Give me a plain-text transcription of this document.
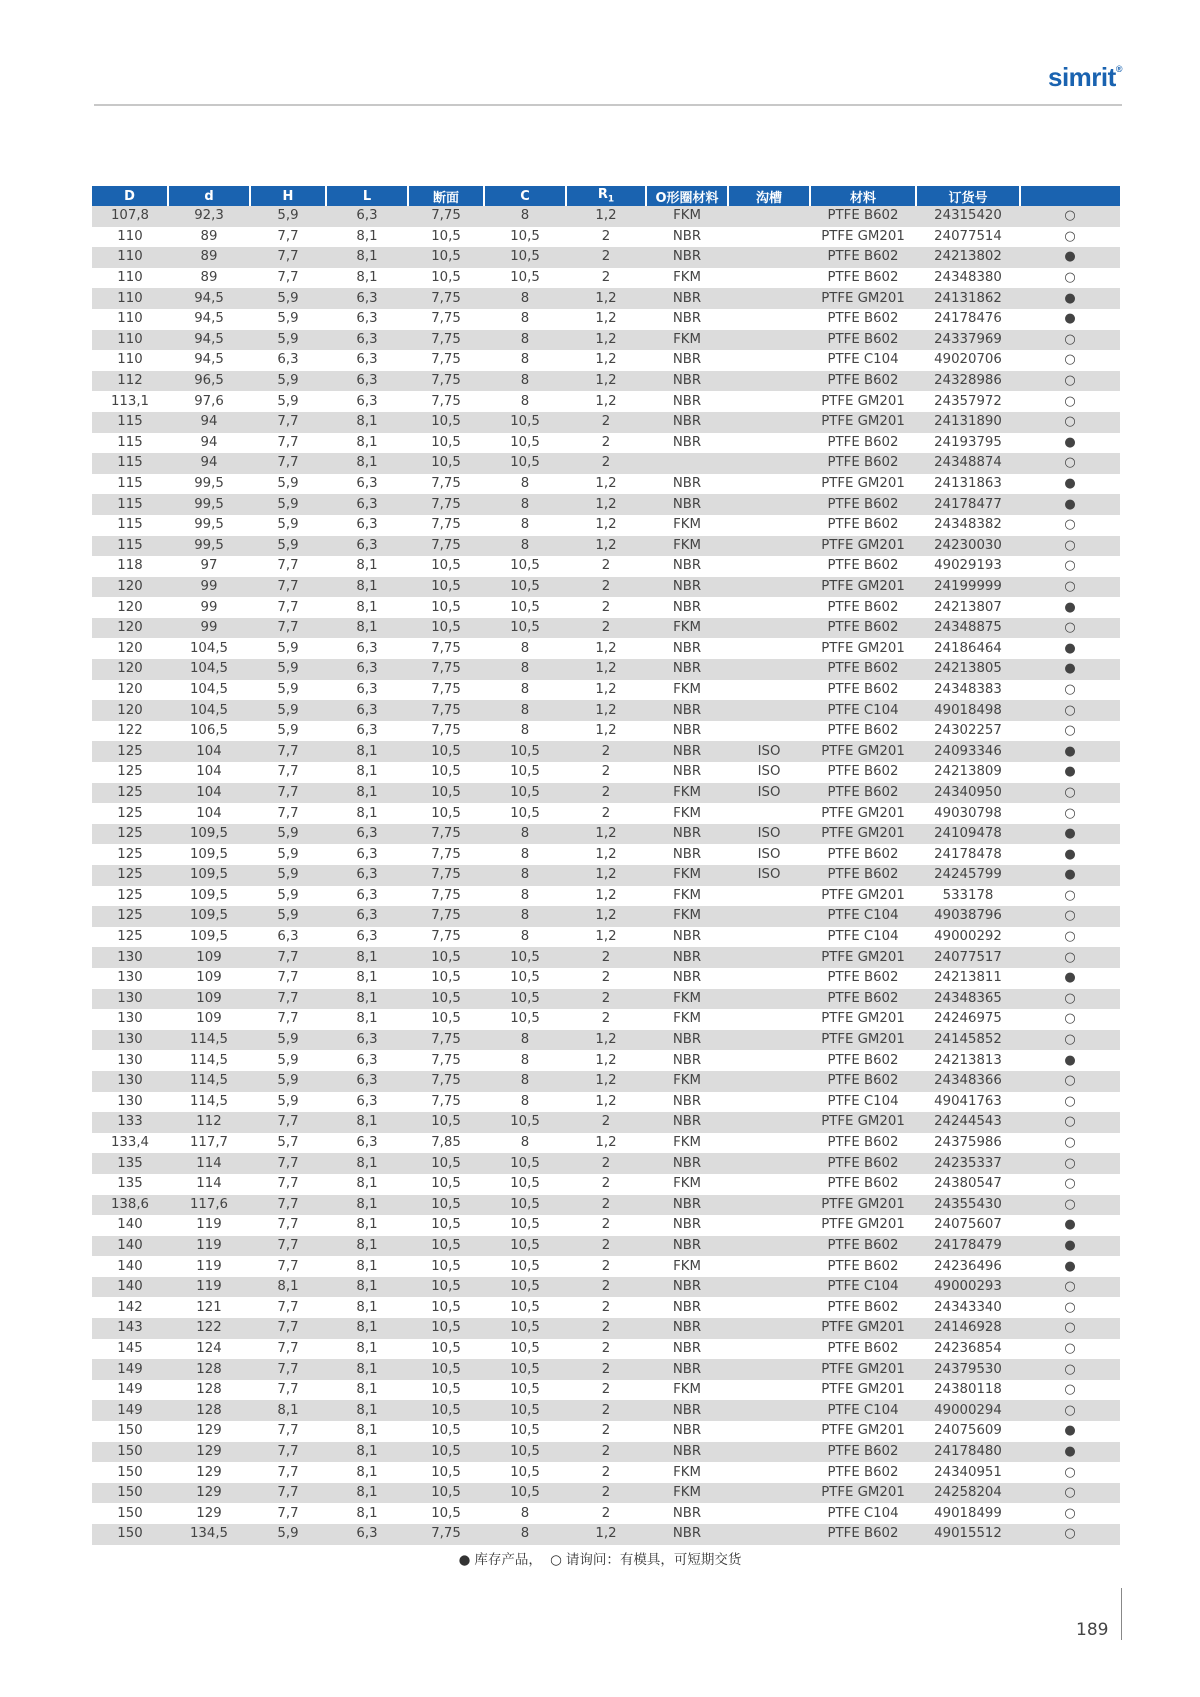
simrit®
D	d	H	L	断面	C	$R_1$	O形圈材料	沟槽	材料	订货号	
107,8	92,3	5,9	6,3	7,75	8	1,2	FKM		PTFE B602	24315420	○
110	89	7,7	8,1	10,5	10,5	2	NBR		PTFE GM201	24077514	○
110	89	7,7	8,1	10,5	10,5	2	NBR		PTFE B602	24213802	●
110	89	7,7	8,1	10,5	10,5	2	FKM		PTFE B602	24348380	○
110	94,5	5,9	6,3	7,75	8	1,2	NBR		PTFE GM201	24131862	●
110	94,5	5,9	6,3	7,75	8	1,2	NBR		PTFE B602	24178476	●
110	94,5	5,9	6,3	7,75	8	1,2	FKM		PTFE B602	24337969	○
110	94,5	6,3	6,3	7,75	8	1,2	NBR		PTFE C104	49020706	○
112	96,5	5,9	6,3	7,75	8	1,2	NBR		PTFE B602	24328986	○
113,1	97,6	5,9	6,3	7,75	8	1,2	NBR		PTFE GM201	24357972	○
115	94	7,7	8,1	10,5	10,5	2	NBR		PTFE GM201	24131890	○
115	94	7,7	8,1	10,5	10,5	2	NBR		PTFE B602	24193795	●
115	94	7,7	8,1	10,5	10,5	2			PTFE B602	24348874	○
115	99,5	5,9	6,3	7,75	8	1,2	NBR		PTFE GM201	24131863	●
115	99,5	5,9	6,3	7,75	8	1,2	NBR		PTFE B602	24178477	●
115	99,5	5,9	6,3	7,75	8	1,2	FKM		PTFE B602	24348382	○
115	99,5	5,9	6,3	7,75	8	1,2	FKM		PTFE GM201	24230030	○
118	97	7,7	8,1	10,5	10,5	2	NBR		PTFE B602	49029193	○
120	99	7,7	8,1	10,5	10,5	2	NBR		PTFE GM201	24199999	○
120	99	7,7	8,1	10,5	10,5	2	NBR		PTFE B602	24213807	●
120	99	7,7	8,1	10,5	10,5	2	FKM		PTFE B602	24348875	○
120	104,5	5,9	6,3	7,75	8	1,2	NBR		PTFE GM201	24186464	●
120	104,5	5,9	6,3	7,75	8	1,2	NBR		PTFE B602	24213805	●
120	104,5	5,9	6,3	7,75	8	1,2	FKM		PTFE B602	24348383	○
120	104,5	5,9	6,3	7,75	8	1,2	NBR		PTFE C104	49018498	○
122	106,5	5,9	6,3	7,75	8	1,2	NBR		PTFE B602	24302257	○
125	104	7,7	8,1	10,5	10,5	2	NBR	ISO	PTFE GM201	24093346	●
125	104	7,7	8,1	10,5	10,5	2	NBR	ISO	PTFE B602	24213809	●
125	104	7,7	8,1	10,5	10,5	2	FKM	ISO	PTFE B602	24340950	○
125	104	7,7	8,1	10,5	10,5	2	FKM		PTFE GM201	49030798	○
125	109,5	5,9	6,3	7,75	8	1,2	NBR	ISO	PTFE GM201	24109478	●
125	109,5	5,9	6,3	7,75	8	1,2	NBR	ISO	PTFE B602	24178478	●
125	109,5	5,9	6,3	7,75	8	1,2	FKM	ISO	PTFE B602	24245799	●
125	109,5	5,9	6,3	7,75	8	1,2	FKM		PTFE GM201	533178	○
125	109,5	5,9	6,3	7,75	8	1,2	FKM		PTFE C104	49038796	○
125	109,5	6,3	6,3	7,75	8	1,2	NBR		PTFE C104	49000292	○
130	109	7,7	8,1	10,5	10,5	2	NBR		PTFE GM201	24077517	○
130	109	7,7	8,1	10,5	10,5	2	NBR		PTFE B602	24213811	●
130	109	7,7	8,1	10,5	10,5	2	FKM		PTFE B602	24348365	○
130	109	7,7	8,1	10,5	10,5	2	FKM		PTFE GM201	24246975	○
130	114,5	5,9	6,3	7,75	8	1,2	NBR		PTFE GM201	24145852	○
130	114,5	5,9	6,3	7,75	8	1,2	NBR		PTFE B602	24213813	●
130	114,5	5,9	6,3	7,75	8	1,2	FKM		PTFE B602	24348366	○
130	114,5	5,9	6,3	7,75	8	1,2	NBR		PTFE C104	49041763	○
133	112	7,7	8,1	10,5	10,5	2	NBR		PTFE GM201	24244543	○
133,4	117,7	5,7	6,3	7,85	8	1,2	FKM		PTFE B602	24375986	○
135	114	7,7	8,1	10,5	10,5	2	NBR		PTFE B602	24235337	○
135	114	7,7	8,1	10,5	10,5	2	FKM		PTFE B602	24380547	○
138,6	117,6	7,7	8,1	10,5	10,5	2	NBR		PTFE GM201	24355430	○
140	119	7,7	8,1	10,5	10,5	2	NBR		PTFE GM201	24075607	●
140	119	7,7	8,1	10,5	10,5	2	NBR		PTFE B602	24178479	●
140	119	7,7	8,1	10,5	10,5	2	FKM		PTFE B602	24236496	●
140	119	8,1	8,1	10,5	10,5	2	NBR		PTFE C104	49000293	○
142	121	7,7	8,1	10,5	10,5	2	NBR		PTFE B602	24343340	○
143	122	7,7	8,1	10,5	10,5	2	NBR		PTFE GM201	24146928	○
145	124	7,7	8,1	10,5	10,5	2	NBR		PTFE B602	24236854	○
149	128	7,7	8,1	10,5	10,5	2	NBR		PTFE GM201	24379530	○
149	128	7,7	8,1	10,5	10,5	2	FKM		PTFE GM201	24380118	○
149	128	8,1	8,1	10,5	10,5	2	NBR		PTFE C104	49000294	○
150	129	7,7	8,1	10,5	10,5	2	NBR		PTFE GM201	24075609	●
150	129	7,7	8,1	10,5	10,5	2	NBR		PTFE B602	24178480	●
150	129	7,7	8,1	10,5	10,5	2	FKM		PTFE B602	24340951	○
150	129	7,7	8,1	10,5	10,5	2	FKM		PTFE GM201	24258204	○
150	129	7,7	8,1	10,5	8	2	NBR		PTFE C104	49018499	○
150	134,5	5,9	6,3	7,75	8	1,2	NBR		PTFE B602	49015512	○
● 库存产品， ○ 请询问：有模具，可短期交货
189
